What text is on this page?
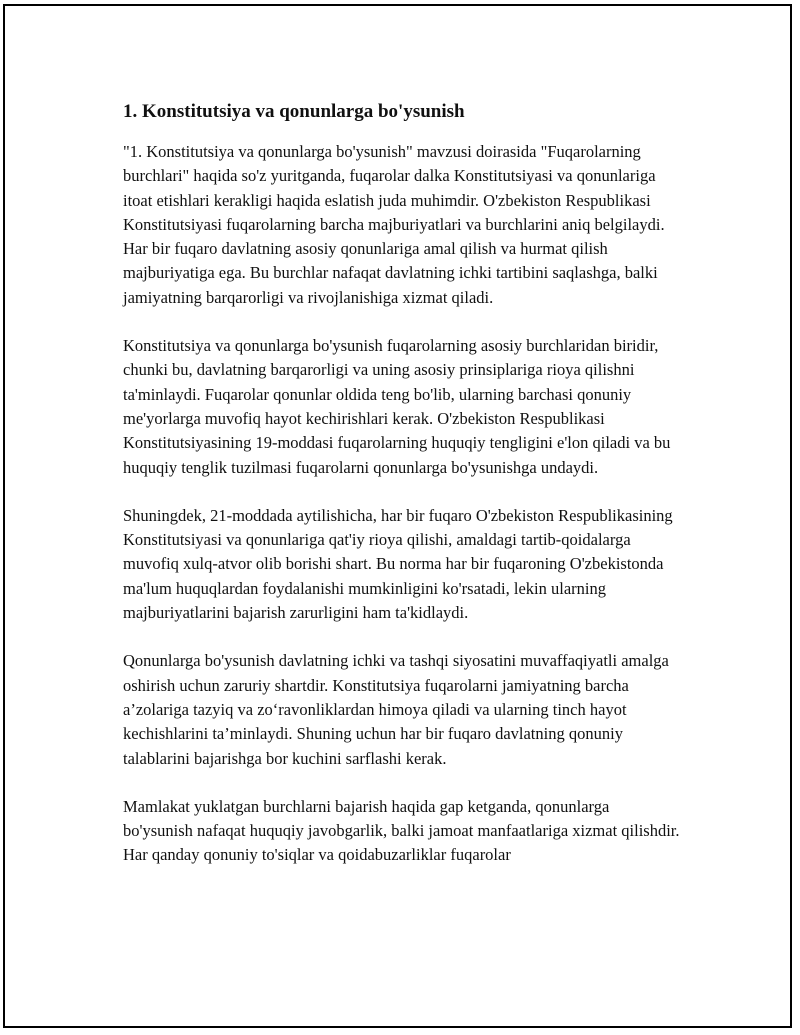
1. Konstitutsiya va qonunlarga bo'ysunish

"1. Konstitutsiya va qonunlarga bo'ysunish" mavzusi doirasida "Fuqarolarning burchlari" haqida so'z yuritganda, fuqarolar dalka Konstitutsiyasi va qonunlariga itoat etishlari kerakligi haqida eslatish juda muhimdir. O'zbekiston Respublikasi Konstitutsiyasi fuqarolarning barcha majburiyatlari va burchlarini aniq belgilaydi. Har bir fuqaro davlatning asosiy qonunlariga amal qilish va hurmat qilish majburiyatiga ega. Bu burchlar nafaqat davlatning ichki tartibini saqlashga, balki jamiyatning barqarorligi va rivojlanishiga xizmat qiladi.

Konstitutsiya va qonunlarga bo'ysunish fuqarolarning asosiy burchlaridan biridir, chunki bu, davlatning barqarorligi va uning asosiy prinsiplariga rioya qilishni ta'minlaydi. Fuqarolar qonunlar oldida teng bo'lib, ularning barchasi qonuniy me'yorlarga muvofiq hayot kechirishlari kerak. O'zbekiston Respublikasi Konstitutsiyasining 19-moddasi fuqarolarning huquqiy tengligini e'lon qiladi va bu huquqiy tenglik tuzilmasi fuqarolarni qonunlarga bo'ysunishga undaydi.

Shuningdek, 21-moddada aytilishicha, har bir fuqaro O'zbekiston Respublikasining Konstitutsiyasi va qonunlariga qat'iy rioya qilishi, amaldagi tartib-qoidalarga muvofiq xulq-atvor olib borishi shart. Bu norma har bir fuqaroning O'zbekistonda ma'lum huquqlardan foydalanishi mumkinligini ko'rsatadi, lekin ularning majburiyatlarini bajarish zarurligini ham ta'kidlaydi.

Qonunlarga bo'ysunish davlatning ichki va tashqi siyosatini muvaffaqiyatli amalga oshirish uchun zaruriy shartdir. Konstitutsiya fuqarolarni jamiyatning barcha a’zolariga tazyiq va zo‘ravonliklardan himoya qiladi va ularning tinch hayot kechishlarini ta’minlaydi. Shuning uchun har bir fuqaro davlatning qonuniy talablarini bajarishga bor kuchini sarflashi kerak.

Mamlakat yuklatgan burchlarni bajarish haqida gap ketganda, qonunlarga bo'ysunish nafaqat huquqiy javobgarlik, balki jamoat manfaatlariga xizmat qilishdir. Har qanday qonuniy to'siqlar va qoidabuzarliklar fuqarolar
